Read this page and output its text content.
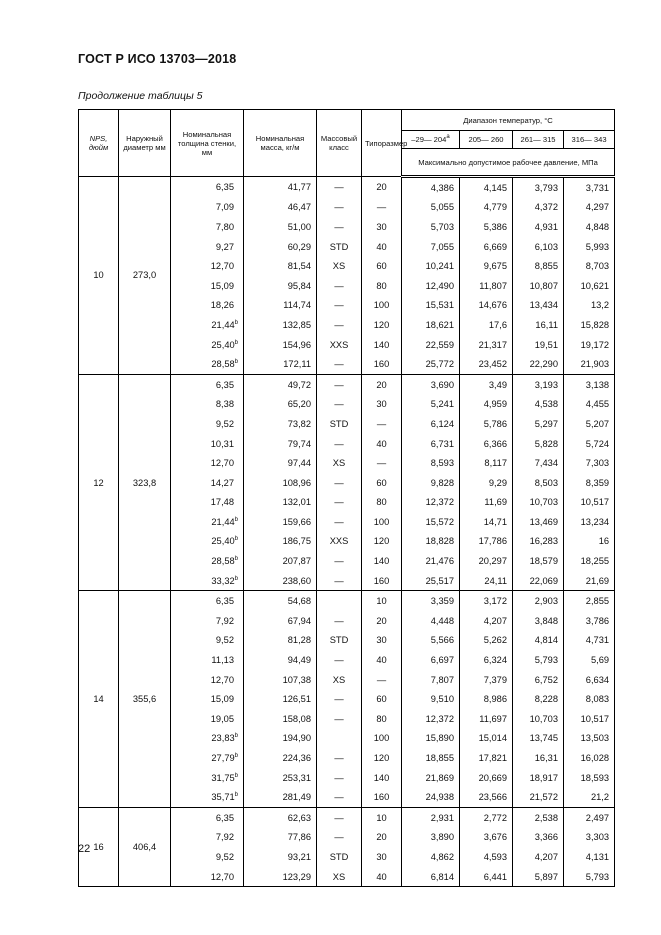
ГОСТ Р ИСО 13703—2018
Продолжение таблицы 5
NPS, дюйм	Наружный диаметр мм	Номинальная толщина стенки, мм	Номинальная масса, кг/м	Массовый класс	Типоразмер	Диапазон температур, °С			
						–29— 204$^a$	205— 260	261— 315	316— 343
						Максимально допустимое рабочее давление, МПа			
10	273,0	6,35	41,77	—	20	4,386	4,145	3,793	3,731
		7,09	46,47	—	—	5,055	4,779	4,372	4,297
		7,80	51,00	—	30	5,703	5,386	4,931	4,848
		9,27	60,29	STD	40	7,055	6,669	6,103	5,993
		12,70	81,54	XS	60	10,241	9,675	8,855	8,703
		15,09	95,84	—	80	12,490	11,807	10,807	10,621
		18,26	114,74	—	100	15,531	14,676	13,434	13,2
		21,44$^b$	132,85	—	120	18,621	17,6	16,11	15,828
		25,40$^b$	154,96	XXS	140	22,559	21,317	19,51	19,172
		28,58$^b$	172,11	—	160	25,772	23,452	22,290	21,903
12	323,8	6,35	49,72	—	20	3,690	3,49	3,193	3,138
		8,38	65,20	—	30	5,241	4,959	4,538	4,455
		9,52	73,82	STD	—	6,124	5,786	5,297	5,207
		10,31	79,74	—	40	6,731	6,366	5,828	5,724
		12,70	97,44	XS	—	8,593	8,117	7,434	7,303
		14,27	108,96	—	60	9,828	9,29	8,503	8,359
		17,48	132,01	—	80	12,372	11,69	10,703	10,517
		21,44$^b$	159,66	—	100	15,572	14,71	13,469	13,234
		25,40$^b$	186,75	XXS	120	18,828	17,786	16,283	16
		28,58$^b$	207,87	—	140	21,476	20,297	18,579	18,255
		33,32$^b$	238,60	—	160	25,517	24,11	22,069	21,69
14	355,6	6,35	54,68		10	3,359	3,172	2,903	2,855
		7,92	67,94	—	20	4,448	4,207	3,848	3,786
		9,52	81,28	STD	30	5,566	5,262	4,814	4,731
		11,13	94,49	—	40	6,697	6,324	5,793	5,69
		12,70	107,38	XS	—	7,807	7,379	6,752	6,634
		15,09	126,51	—	60	9,510	8,986	8,228	8,083
		19,05	158,08	—	80	12,372	11,697	10,703	10,517
		23,83$^b$	194,90		100	15,890	15,014	13,745	13,503
		27,79$^b$	224,36	—	120	18,855	17,821	16,31	16,028
		31,75$^b$	253,31	—	140	21,869	20,669	18,917	18,593
		35,71$^b$	281,49	—	160	24,938	23,566	21,572	21,2
16	406,4	6,35	62,63	—	10	2,931	2,772	2,538	2,497
		7,92	77,86	—	20	3,890	3,676	3,366	3,303
		9,52	93,21	STD	30	4,862	4,593	4,207	4,131
		12,70	123,29	XS	40	6,814	6,441	5,897	5,793
22
